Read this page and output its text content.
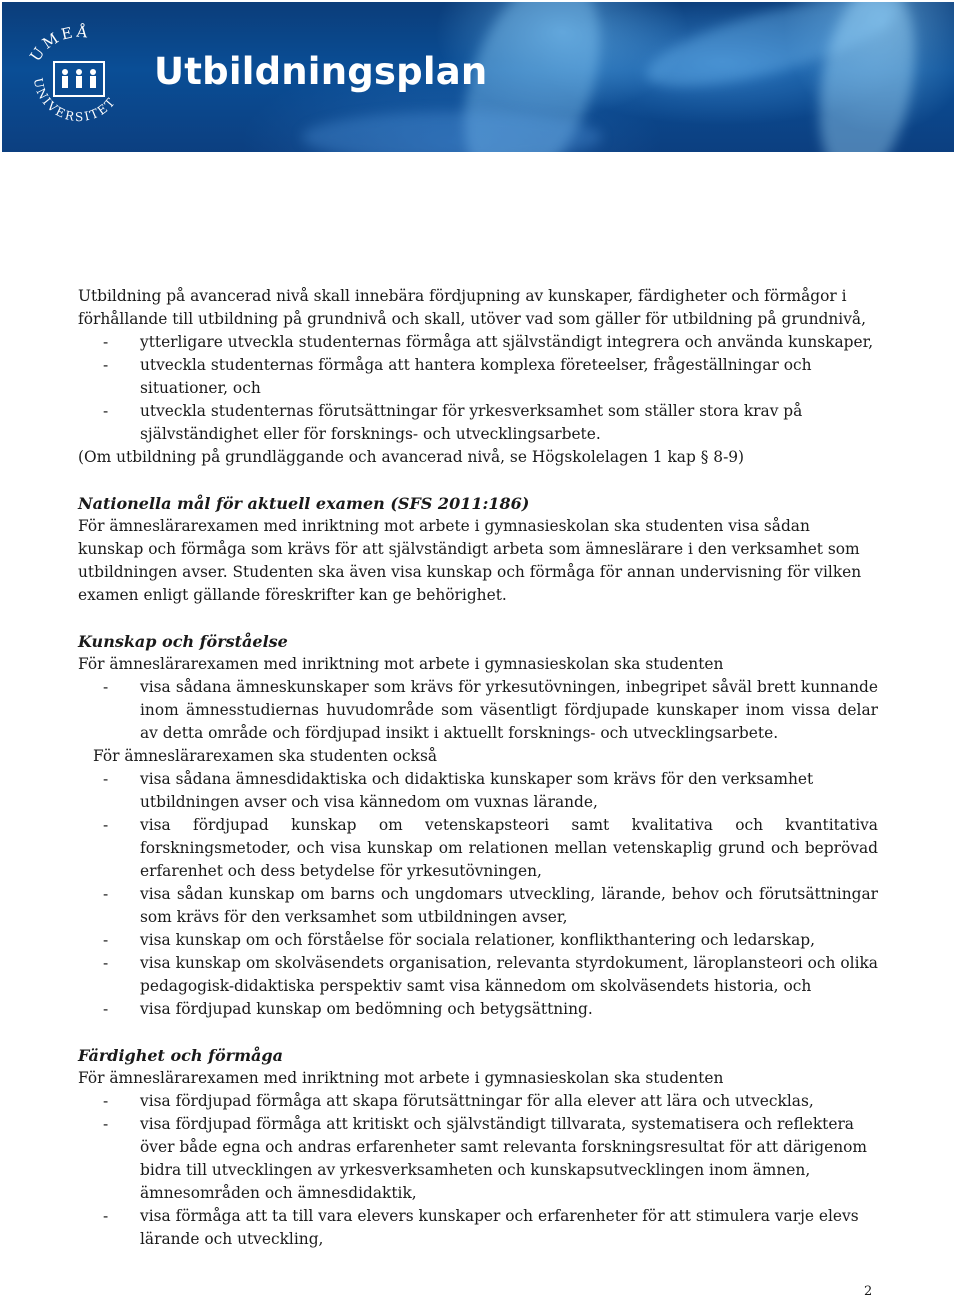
UMEÅ
UNIVERSITET
Utbildningsplan

Utbildning på avancerad nivå skall innebära fördjupning av kunskaper, färdigheter och förmågor i

förhållande till utbildning på grundnivå och skall, utöver vad som gäller för utbildning på grundnivå,

- ytterligare utveckla studenternas förmåga att självständigt integrera och använda kunskaper,

- utveckla studenternas förmåga att hantera komplexa företeelser, frågeställningar och situationer, och

- utveckla studenternas förutsättningar för yrkesverksamhet som ställer stora krav på självständighet eller för forsknings- och utvecklingsarbete.

(Om utbildning på grundläggande och avancerad nivå, se Högskolelagen 1 kap § 8-9)

Nationella mål för aktuell examen (SFS 2011:186)

För ämneslärarexamen med inriktning mot arbete i gymnasieskolan ska studenten visa sådan kunskap och förmåga som krävs för att självständigt arbeta som ämneslärare i den verksamhet som utbildningen avser. Studenten ska även visa kunskap och förmåga för annan undervisning för vilken examen enligt gällande föreskrifter kan ge behörighet.

Kunskap och förståelse

För ämneslärarexamen med inriktning mot arbete i gymnasieskolan ska studenten

- visa sådana ämneskunskaper som krävs för yrkesutövningen, inbegripet såväl brett kunnande inom ämnesstudiernas huvudområde som väsentligt fördjupade kunskaper inom vissa delar av detta område och fördjupad insikt i aktuellt forsknings- och utvecklingsarbete.

För ämneslärarexamen ska studenten också

- visa sådana ämnesdidaktiska och didaktiska kunskaper som krävs för den verksamhet utbildningen avser och visa kännedom om vuxnas lärande,

- visa fördjupad kunskap om vetenskapsteori samt kvalitativa och kvantitativa forskningsmetoder, och visa kunskap om relationen mellan vetenskaplig grund och beprövad erfarenhet och dess betydelse för yrkesutövningen,

- visa sådan kunskap om barns och ungdomars utveckling, lärande, behov och förutsättningar som krävs för den verksamhet som utbildningen avser,

- visa kunskap om och förståelse för sociala relationer, konflikthantering och ledarskap,

- visa kunskap om skolväsendets organisation, relevanta styrdokument, läroplansteori och olika pedagogisk-didaktiska perspektiv samt visa kännedom om skolväsendets historia, och

- visa fördjupad kunskap om bedömning och betygsättning.

Färdighet och förmåga

För ämneslärarexamen med inriktning mot arbete i gymnasieskolan ska studenten

- visa fördjupad förmåga att skapa förutsättningar för alla elever att lära och utvecklas,

- visa fördjupad förmåga att kritiskt och självständigt tillvarata, systematisera och reflektera över både egna och andras erfarenheter samt relevanta forskningsresultat för att därigenom bidra till utvecklingen av yrkesverksamheten och kunskapsutvecklingen inom ämnen, ämnesområden och ämnesdidaktik,

- visa förmåga att ta till vara elevers kunskaper och erfarenheter för att stimulera varje elevs lärande och utveckling,

2
